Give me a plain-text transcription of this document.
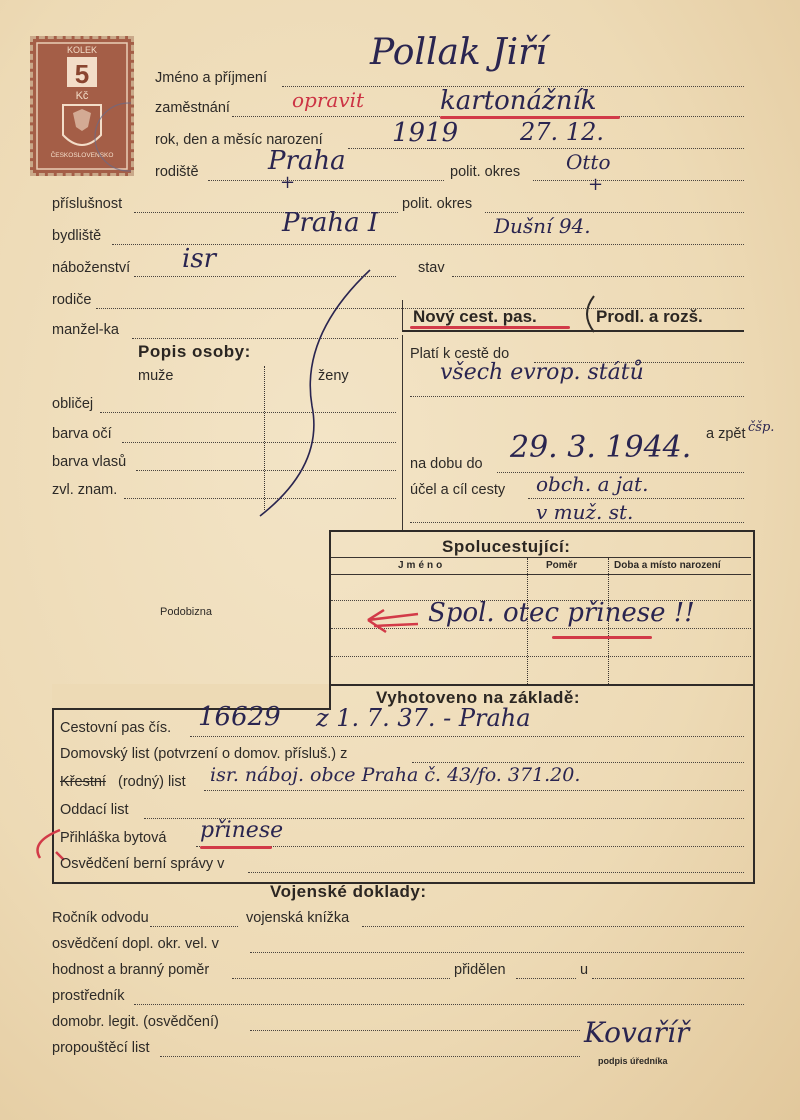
KOLEK
5
Kč
ČESKOSLOVENSKO
Pollak Jiří
Jméno a příjmení
zaměstnání	opravit	kartonážník
rok, den a měsíc narození	1919	27. 12.
rodiště	Praha	polit. okres Otto
+	+
příslušnost	polit. okres
bydliště	Praha I	Dušní 94.
náboženství isr	stav
rodiče
manžel-ka
Nový cest. pas.	Prodl. a rozš.
Popis osoby:
muže	ženy
obličej
barva očí
barva vlasů
zvl. znam.
Platí k cestě do
všech evrop. států
a zpět čšp.
na dobu do 29. 3. 1944.
účel a cíl cesty obch. a jat.
v muž. st.
Spolucestující:
Jméno	Poměr	Doba a místo narození
Spol. otec přinese !!
Podobizna
Vyhotoveno na základě:
Cestovní pas čís. 16629 z 1. 7. 37. - Praha
Domovský list (potvrzení o domov. přísluš.) z
Křestní (rodný) list isr. náboj. obce Praha č. 43/fo. 371.20.
Oddací list
Přihláška bytová přinese
Osvědčení berní správy v
Vojenské doklady:
Ročník odvodu	vojenská knížka
osvědčení dopl. okr. vel. v
hodnost a branný poměr	přidělen	u
prostředník
domobr. legit. (osvědčení)
propouštěcí list	Kovaříř
podpis úředníka
